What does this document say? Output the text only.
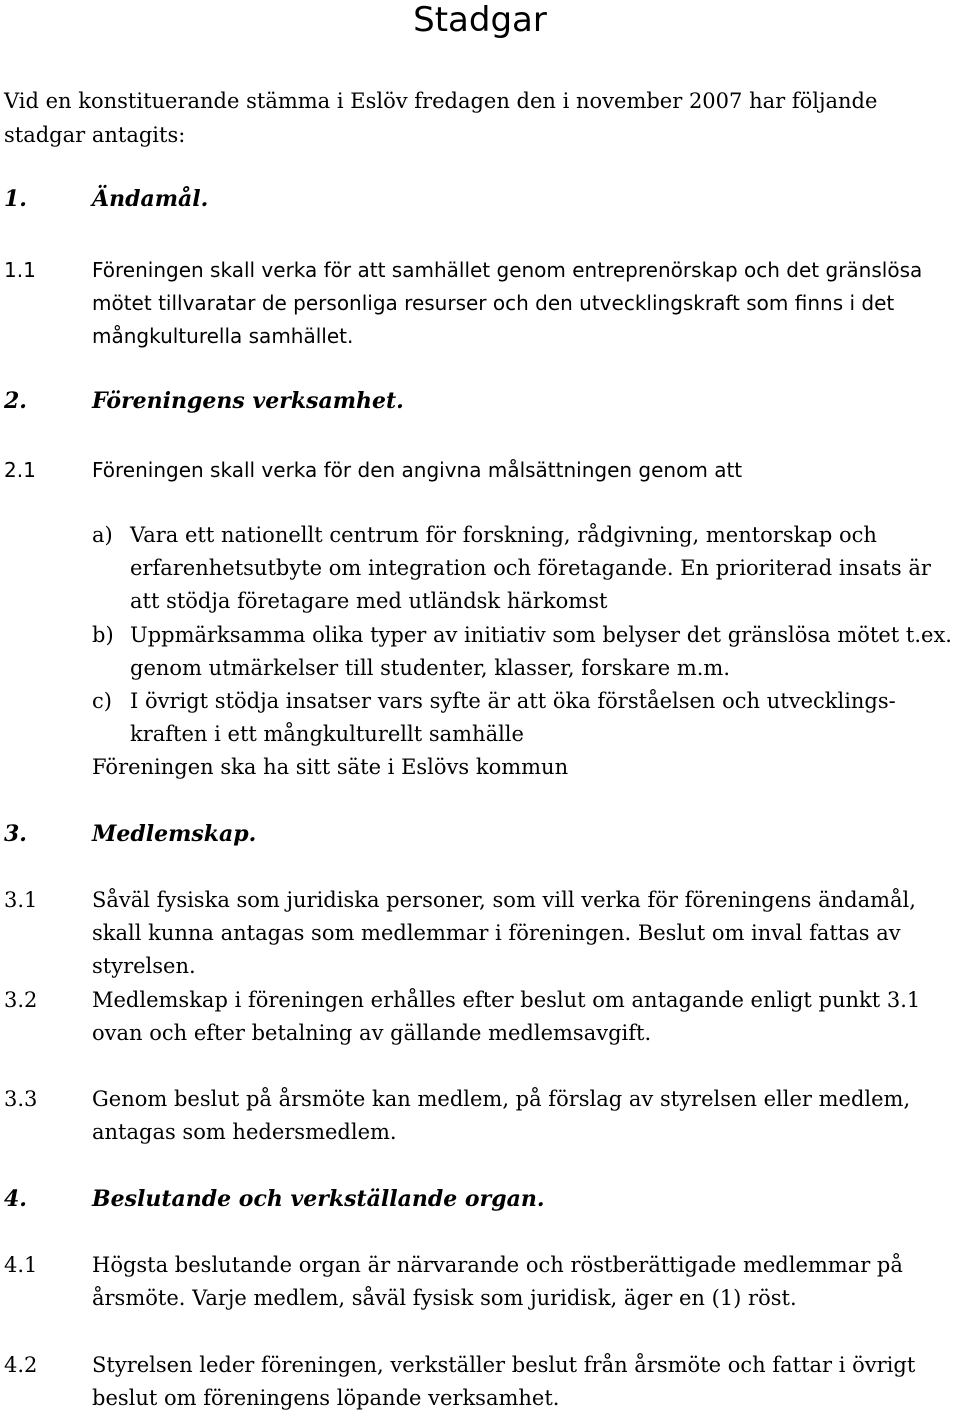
Stadgar
Vid en konstituerande stämma i Eslöv fredagen den i november 2007 har följande stadgar antagits:
1.	Ändamål.
1.1	Föreningen skall verka för att samhället genom entreprenörskap och det gränslösa mötet tillvaratar de personliga resurser och den utvecklingskraft som finns i det mångkulturella samhället.
2.	Föreningens verksamhet.
2.1	Föreningen skall verka för den angivna målsättningen genom att
a) Vara ett nationellt centrum för forskning, rådgivning, mentorskap och erfarenhetsutbyte om integration och företagande. En prioriterad insats är att stödja företagare med utländsk härkomst
b) Uppmärksamma olika typer av initiativ som belyser det gränslösa mötet t.ex. genom utmärkelser till studenter, klasser, forskare m.m.
c) I övrigt stödja insatser vars syfte är att öka förståelsen och utvecklings-kraften i ett mångkulturellt samhälle
Föreningen ska ha sitt säte i Eslövs kommun
3.	Medlemskap.
3.1	Såväl fysiska som juridiska personer, som vill verka för föreningens ändamål, skall kunna antagas som medlemmar i föreningen. Beslut om inval fattas av styrelsen.
3.2	Medlemskap i föreningen erhålles efter beslut om antagande enligt punkt 3.1 ovan och efter betalning av gällande medlemsavgift.
3.3	Genom beslut på årsmöte kan medlem, på förslag av styrelsen eller medlem, antagas som hedersmedlem.
4.	Beslutande och verkställande organ.
4.1	Högsta beslutande organ är närvarande och röstberättigade medlemmar på årsmöte. Varje medlem, såväl fysisk som juridisk, äger en (1) röst.
4.2	Styrelsen leder föreningen, verkställer beslut från årsmöte och fattar i övrigt beslut om föreningens löpande verksamhet.
